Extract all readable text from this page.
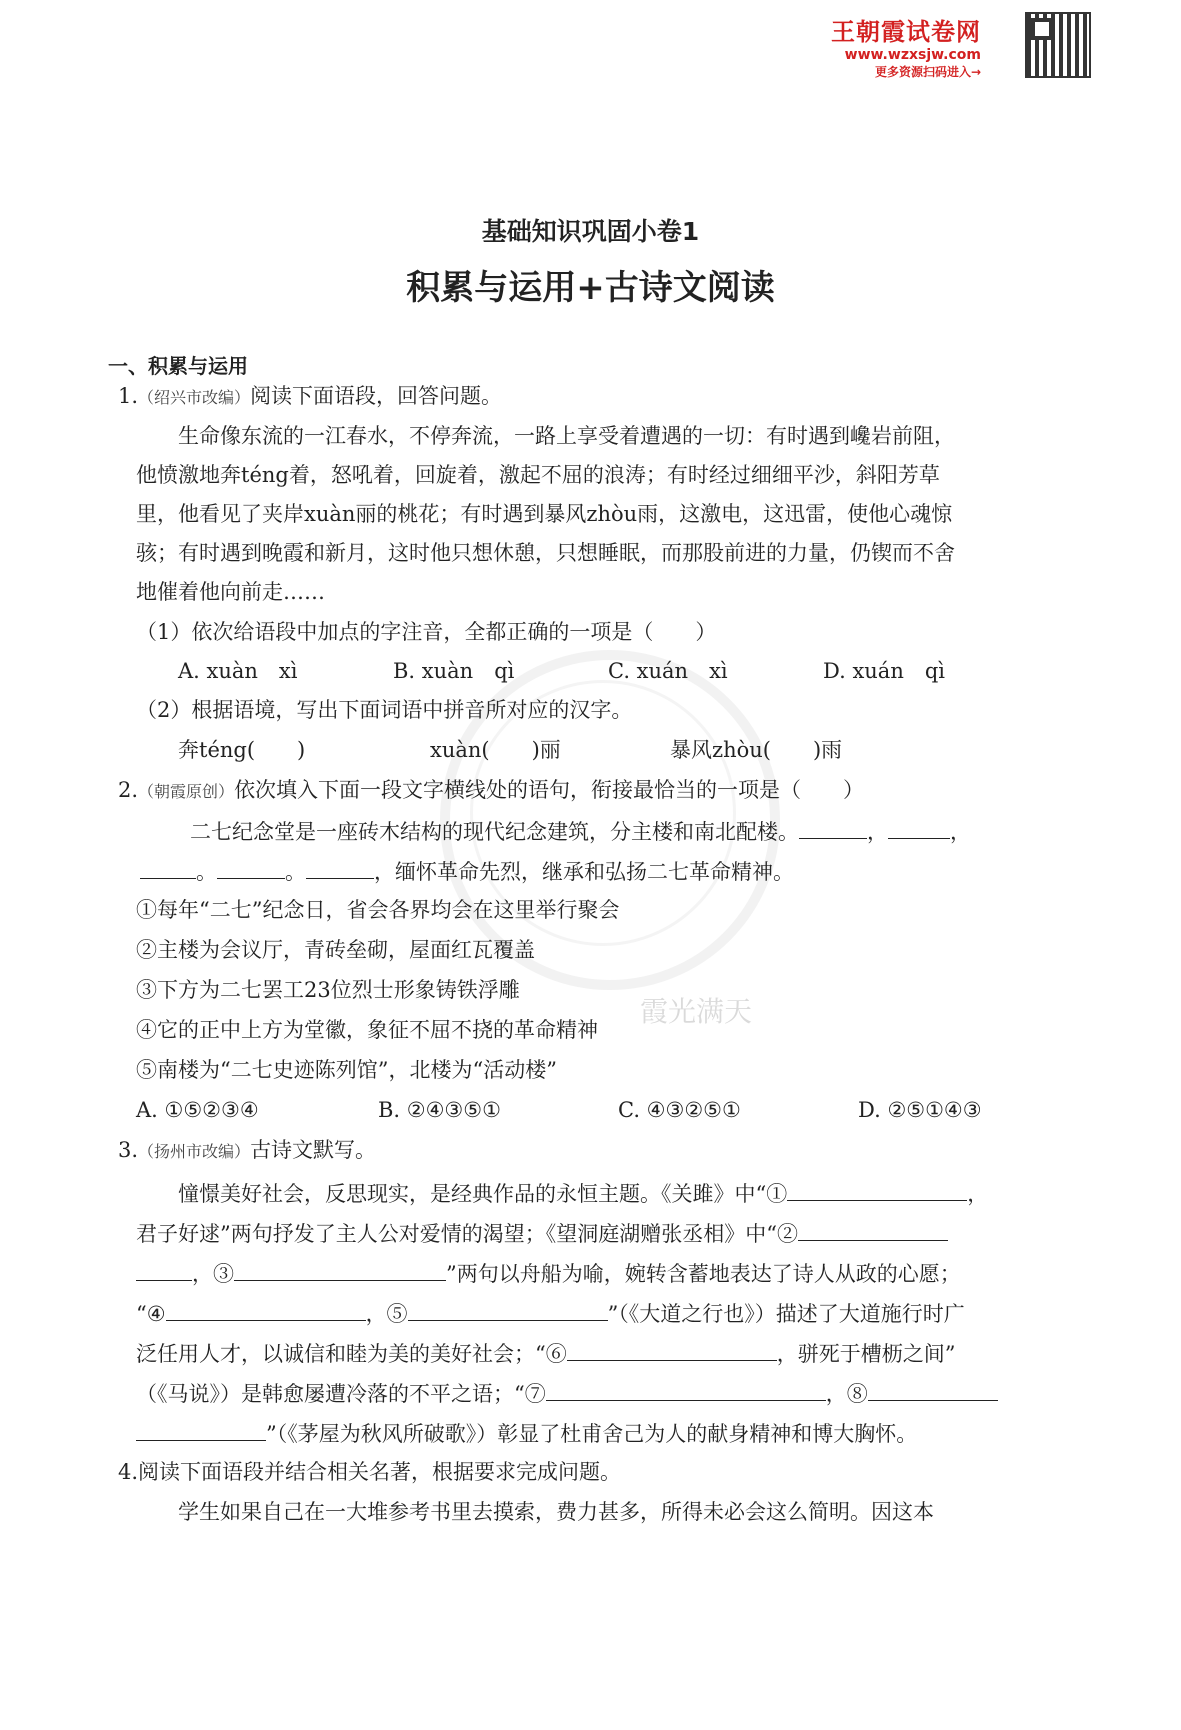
王朝霞试卷网
www.wzxsjw.com
更多资源扫码进入→
霞光满天
基础知识巩固小卷1
积累与运用+古诗文阅读
一、积累与运用
1.（绍兴市改编）阅读下面语段，回答问题。
生命像东流的一江春水，不停奔流，一路上享受着遭遇的一切：有时遇到巉岩前阻，
他愤激地奔téng着，怒吼着，回旋着，激起不屈的浪涛；有时经过细细平沙，斜阳芳草
里，他看见了夹岸xuàn丽的桃花；有时遇到暴风zhòu雨，这激电，这迅雷，使他心魂惊
骇；有时遇到晚霞和新月，这时他只想休憩，只想睡眠，而那股前进的力量，仍锲而不舍
地催着他向前走……
（1）依次给语段中加点的字注音，全都正确的一项是（　　）
A. xuàn　xì	B. xuàn　qì	C. xuán　xì	D. xuán　qì
（2）根据语境，写出下面词语中拼音所对应的汉字。
奔téng(　　)	xuàn(　　)丽	暴风zhòu(　　)雨
2.（朝霞原创）依次填入下面一段文字横线处的语句，衔接最恰当的一项是（　　）
二七纪念堂是一座砖木结构的现代纪念建筑，分主楼和南北配楼。	，	，
。	。	，缅怀革命先烈，继承和弘扬二七革命精神。
①每年“二七”纪念日，省会各界均会在这里举行聚会
②主楼为会议厅，青砖垒砌，屋面红瓦覆盖
③下方为二七罢工23位烈士形象铸铁浮雕
④它的正中上方为堂徽，象征不屈不挠的革命精神
⑤南楼为“二七史迹陈列馆”，北楼为“活动楼”
A. ①⑤②③④	B. ②④③⑤①	C. ④③②⑤①	D. ②⑤①④③
3.（扬州市改编）古诗文默写。
憧憬美好社会，反思现实，是经典作品的永恒主题。《关雎》中“①	，
君子好逑”两句抒发了主人公对爱情的渴望；《望洞庭湖赠张丞相》中“②
，③	”两句以舟船为喻，婉转含蓄地表达了诗人从政的心愿；
“④	，⑤	”（《大道之行也》）描述了大道施行时广
泛任用人才，以诚信和睦为美的美好社会；“⑥	，骈死于槽枥之间”
（《马说》）是韩愈屡遭冷落的不平之语；“⑦	，⑧
”（《茅屋为秋风所破歌》）彰显了杜甫舍己为人的献身精神和博大胸怀。
4.阅读下面语段并结合相关名著，根据要求完成问题。
学生如果自己在一大堆参考书里去摸索，费力甚多，所得未必会这么简明。因这本
